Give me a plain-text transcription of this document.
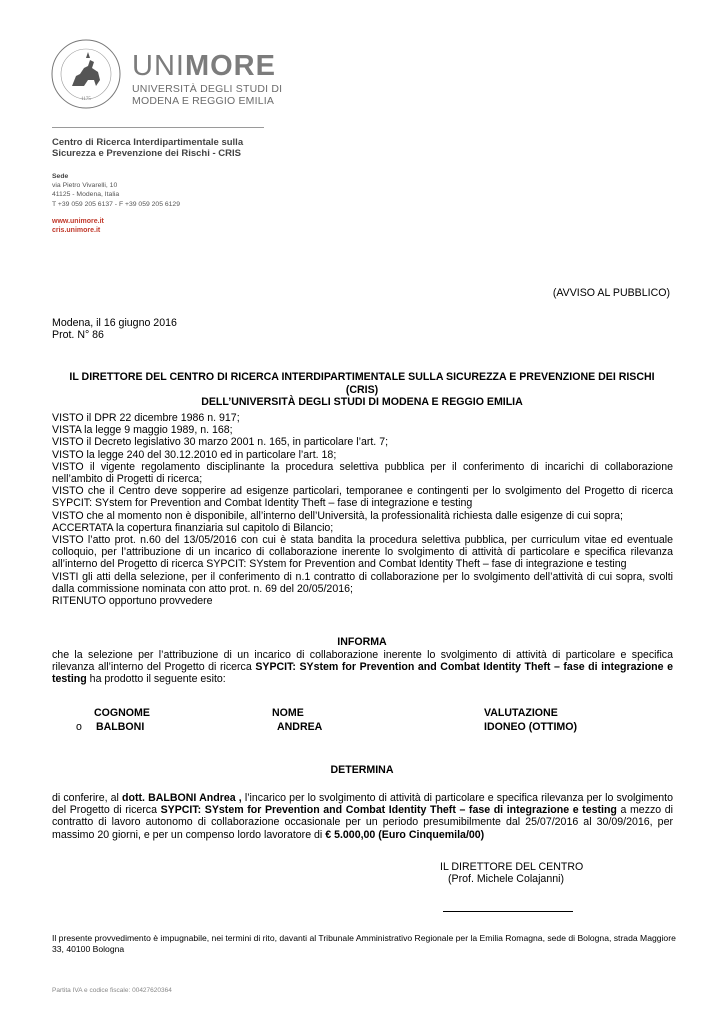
1175
UNIMORE
UNIVERSITÀ DEGLI STUDI DI
MODENA E REGGIO EMILIA
Centro di Ricerca Interdipartimentale sulla
Sicurezza e Prevenzione dei Rischi - CRIS
Sede
via Pietro Vivarelli, 10
41125 - Modena, Italia
T +39 059 205 6137 - F +39 059 205 6129
www.unimore.it
cris.unimore.it
(AVVISO AL PUBBLICO)
Modena, il 16 giugno 2016
Prot. N° 86
IL DIRETTORE DEL CENTRO DI RICERCA INTERDIPARTIMENTALE SULLA SICUREZZA E PREVENZIONE DEI RISCHI (CRIS)
DELL’UNIVERSITÀ DEGLI STUDI DI MODENA E REGGIO EMILIA

VISTO il DPR 22 dicembre 1986 n. 917;

VISTA la legge 9 maggio 1989, n. 168;

VISTO il Decreto legislativo 30 marzo 2001 n. 165, in particolare l’art. 7;

VISTO la legge 240 del 30.12.2010 ed in particolare l’art. 18;

VISTO il vigente regolamento disciplinante la procedura selettiva pubblica per il conferimento di incarichi di collaborazione nell’ambito di Progetti di ricerca;

VISTO che il Centro deve sopperire ad esigenze particolari, temporanee e contingenti per lo svolgimento del Progetto di ricerca SYPCIT: SYstem for Prevention and Combat Identity Theft – fase di integrazione e testing

VISTO che al momento non è disponibile, all’interno dell’Università, la professionalità richiesta dalle esigenze di cui sopra;

ACCERTATA la copertura finanziaria sul capitolo di Bilancio;

VISTO l’atto prot. n.60 del 13/05/2016 con cui è stata bandita la procedura selettiva pubblica, per curriculum vitae ed eventuale colloquio, per l’attribuzione di un incarico di collaborazione inerente lo svolgimento di attività di particolare e specifica rilevanza all’interno del Progetto di ricerca SYPCIT: SYstem for Prevention and Combat Identity Theft – fase di integrazione e testing

VISTI gli atti della selezione, per il conferimento di n.1 contratto di collaborazione per lo svolgimento dell’attività di cui sopra, svolti dalla commissione nominata con atto prot. n. 69 del 20/05/2016;

RITENUTO opportuno provvedere

INFORMA
che la selezione per l’attribuzione di un incarico di collaborazione inerente lo svolgimento di attività di particolare e specifica rilevanza all’interno del Progetto di ricerca SYPCIT: SYstem for Prevention and Combat Identity Theft – fase di integrazione e testing ha prodotto il seguente esito:
COGNOME	NOME	VALUTAZIONE
o BALBONI	ANDREA	IDONEO (OTTIMO)
DETERMINA
di conferire, al dott. BALBONI Andrea , l’incarico per lo svolgimento di attività di particolare e specifica rilevanza per lo svolgimento del Progetto di ricerca SYPCIT: SYstem for Prevention and Combat Identity Theft – fase di integrazione e testing a mezzo di contratto di lavoro autonomo di collaborazione occasionale per un periodo presumibilmente dal 25/07/2016 al 30/09/2016, per massimo 20 giorni, e per un compenso lordo lavoratore di € 5.000,00 (Euro Cinquemila/00)
IL DIRETTORE DEL CENTRO
(Prof. Michele Colajanni)
Il presente provvedimento è impugnabile, nei termini di rito, davanti al Tribunale Amministrativo Regionale per la Emilia Romagna, sede di Bologna, strada Maggiore 33, 40100 Bologna
Partita IVA e codice fiscale: 00427620364
